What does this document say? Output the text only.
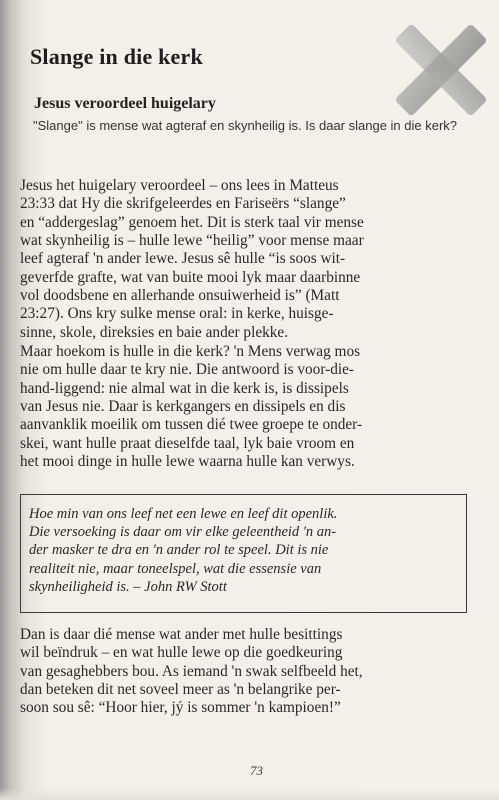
Slange in die kerk
Jesus veroordeel huigelary
"Slange" is mense wat agteraf en skynheilig is. Is daar slange in die kerk?
Jesus het huigelary veroordeel – ons lees in Matteus
23:33 dat Hy die skrifgeleerdes en Fariseërs “slange”
en “addergeslag” genoem het. Dit is sterk taal vir mense
wat skynheilig is – hulle lewe “heilig” voor mense maar
leef agteraf 'n ander lewe. Jesus sê hulle “is soos wit-
geverfde grafte, wat van buite mooi lyk maar daarbinne
vol doodsbene en allerhande onsuiwerheid is” (Matt
23:27). Ons kry sulke mense oral: in kerke, huisge-
sinne, skole, direksies en baie ander plekke.
Maar hoekom is hulle in die kerk? 'n Mens verwag mos
nie om hulle daar te kry nie. Die antwoord is voor-die-
hand-liggend: nie almal wat in die kerk is, is dissipels
van Jesus nie. Daar is kerkgangers en dissipels en dis
aanvanklik moeilik om tussen dié twee groepe te onder-
skei, want hulle praat dieselfde taal, lyk baie vroom en
het mooi dinge in hulle lewe waarna hulle kan verwys.
Hoe min van ons leef net een lewe en leef dit openlik.
Die versoeking is daar om vir elke geleentheid 'n an-
der masker te dra en 'n ander rol te speel. Dit is nie
realiteit nie, maar toneelspel, wat die essensie van
skynheiligheid is. – John RW Stott
Dan is daar dié mense wat ander met hulle besittings
wil beïndruk – en wat hulle lewe op die goedkeuring
van gesaghebbers bou. As iemand 'n swak selfbeeld het,
dan beteken dit net soveel meer as 'n belangrike per-
soon sou sê: “Hoor hier, jý is sommer 'n kampioen!”
73
